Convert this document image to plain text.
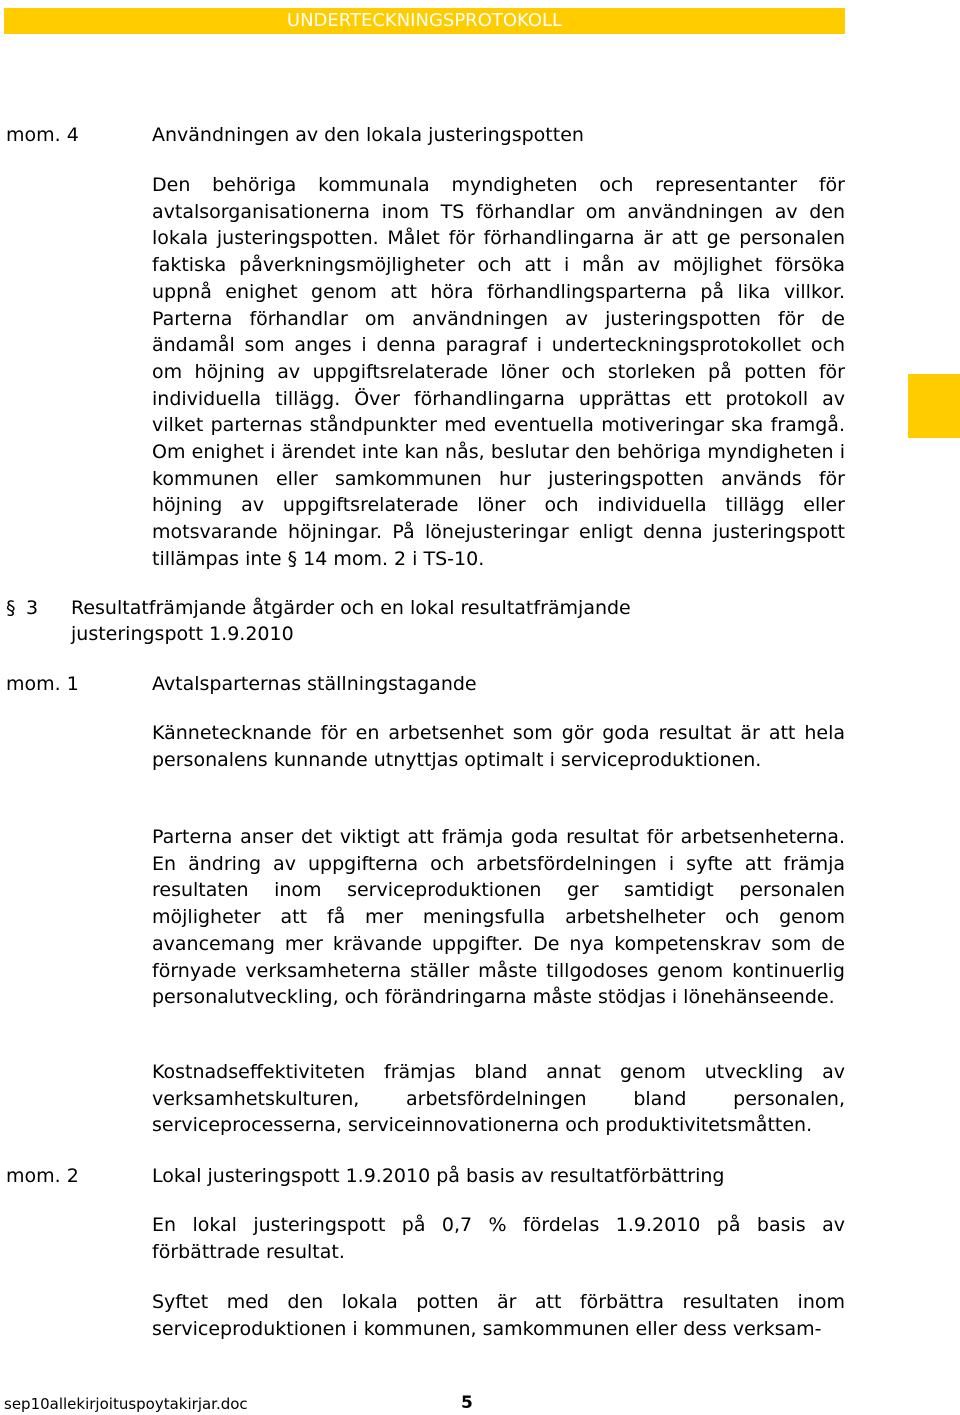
UNDERTECKNINGSPROTOKOLL
mom. 4	Användningen av den lokala justeringspotten
Den behöriga kommunala myndigheten och representanter för avtalsorganisationerna inom TS förhandlar om användningen av den lokala justeringspotten. Målet för förhandlingarna är att ge personalen faktiska påverkningsmöjligheter och att i mån av möjlighet försöka uppnå enighet genom att höra förhandlingsparterna på lika villkor. Parterna förhandlar om användningen av justeringspotten för de ändamål som anges i denna paragraf i underteckningsprotokollet och om höjning av uppgiftsrelaterade löner och storleken på potten för individuella tillägg. Över förhandlingarna upprättas ett protokoll av vilket parternas ståndpunkter med eventuella motiveringar ska framgå. Om enighet i ärendet inte kan nås, beslutar den behöriga myndigheten i kommunen eller samkommunen hur justeringspotten används för höjning av uppgiftsrelaterade löner och individuella tillägg eller motsvarande höjningar. På lönejusteringar enligt denna justeringspott tillämpas inte § 14 mom. 2 i TS-10.
§ 3 Resultatfrämjande åtgärder och en lokal resultatfrämjande justeringspott 1.9.2010
mom. 1	Avtalsparternas ställningstagande
Kännetecknande för en arbetsenhet som gör goda resultat är att hela personalens kunnande utnyttjas optimalt i serviceproduktionen.
Parterna anser det viktigt att främja goda resultat för arbetsenheterna. En ändring av uppgifterna och arbetsfördelningen i syfte att främja resultaten inom serviceproduktionen ger samtidigt personalen möjligheter att få mer meningsfulla arbetshelheter och genom avancemang mer krävande uppgifter. De nya kompetenskrav som de förnyade verksamheterna ställer måste tillgodoses genom kontinuerlig personalutveckling, och förändringarna måste stödjas i lönehänseende.
Kostnadseffektiviteten främjas bland annat genom utveckling av verksamhetskulturen, arbetsfördelningen bland personalen, serviceprocesserna, serviceinnovationerna och produktivitetsmåtten.
mom. 2	Lokal justeringspott 1.9.2010 på basis av resultatförbättring
En lokal justeringspott på 0,7 % fördelas 1.9.2010 på basis av förbättrade resultat.
Syftet med den lokala potten är att förbättra resultaten inom serviceproduktionen i kommunen, samkommunen eller dess verksam-
sep10allekirjoituspoytakirjar.doc	5
